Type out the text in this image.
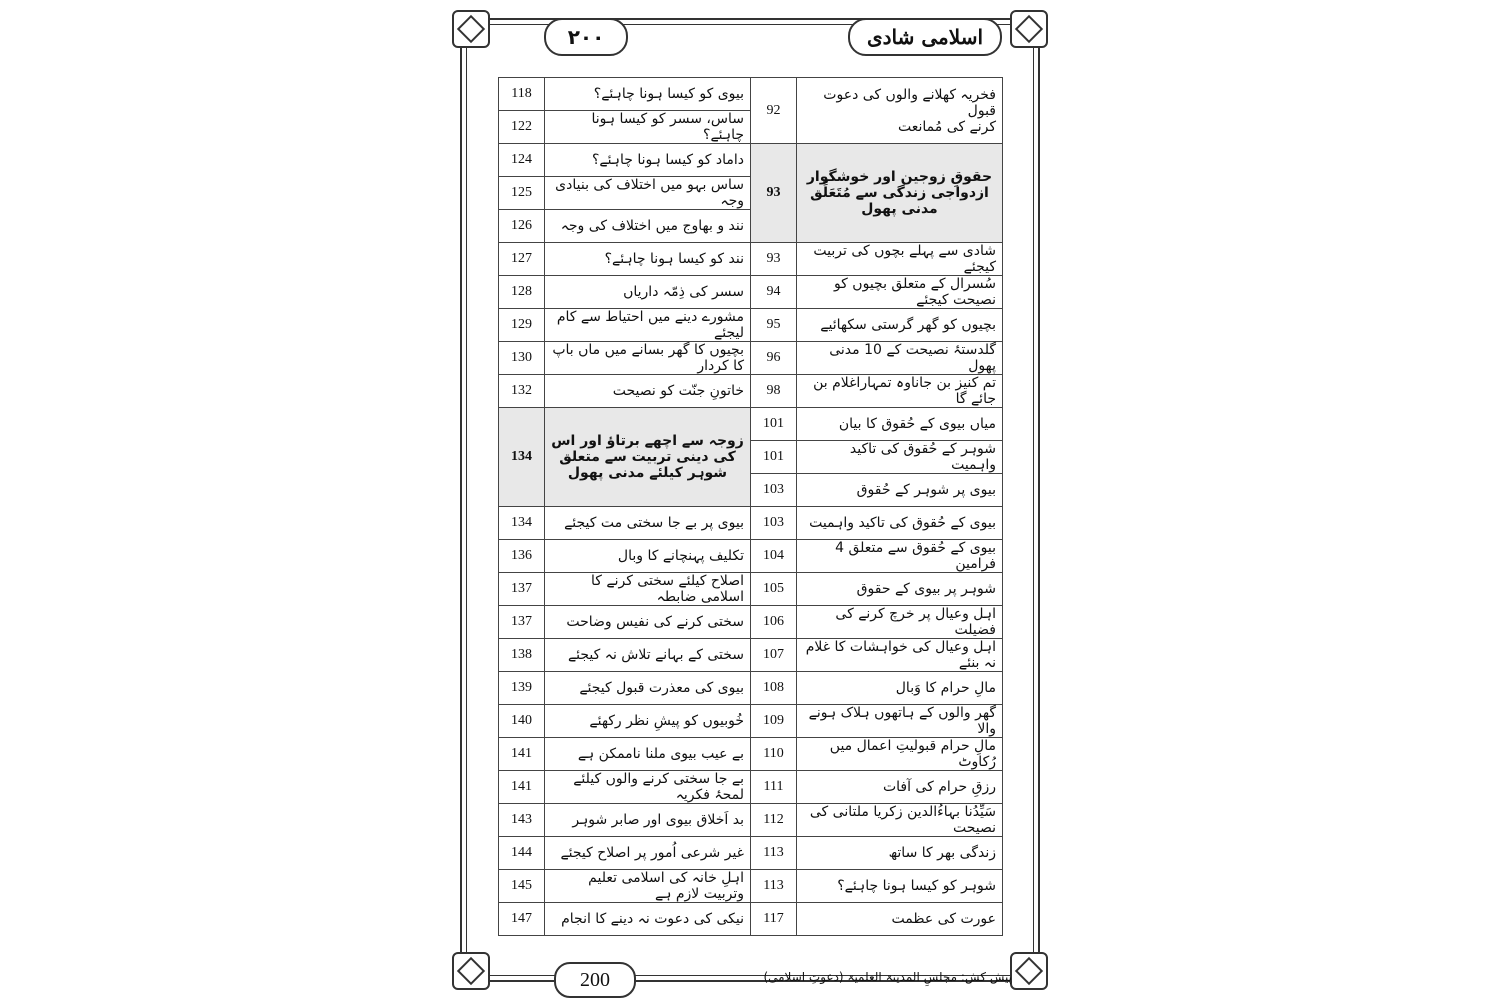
اسلامی شادی
۲۰۰
فخریہ کھلانے والوں کی دعوت قبول
کرنے کی مُمانعت	92	بیوی کو کیسا ہونا چاہئے؟	118
		ساس، سسر کو کیسا ہونا چاہئے؟	122
حقوقِ زوجین اور خوشگوار ازدواجی زندگی سے مُتَعَلِّق مدنی پھول	93	داماد کو کیسا ہونا چاہئے؟	124
		ساس بہو میں اختلاف کی بنیادی وجہ	125
		نند و بھاوج میں اختلاف کی وجہ	126
شادی سے پہلے بچوں کی تربیت کیجئے	93	نند کو کیسا ہونا چاہئے؟	127
سُسرال کے متعلق بچیوں کو نصیحت کیجئے	94	سسر کی ذِمّہ داریاں	128
بچیوں کو گھر گرستی سکھائیے	95	مشورے دینے میں احتیاط سے کام لیجئے	129
گلدستۂ نصیحت کے 10 مدنی پھول	96	بچیوں کا گھر بسانے میں ماں باپ کا کردار	130
تم کنیز بن جاناوہ تمہاراغلام بن جائے گا	98	خاتونِ جنّت کو نصیحت	132
میاں بیوی کے حُقوق کا بیان	101	زوجہ سے اچھے برتاؤ اور اس کی دینی تربیت سے متعلق شوہر کیلئے مدنی پھول	134
شوہر کے حُقوق کی تاکید واہمیت	101		
بیوی پر شوہر کے حُقوق	103		
بیوی کے حُقوق کی تاکید واہمیت	103	بیوی پر بے جا سختی مت کیجئے	134
بیوی کے حُقوق سے متعلق 4 فرامین	104	تکلیف پہنچانے کا وبال	136
شوہر پر بیوی کے حقوق	105	اصلاح کیلئے سختی کرنے کا اسلامی ضابطہ	137
اہل وعیال پر خرچ کرنے کی فضیلت	106	سختی کرنے کی نفیس وضاحت	137
اہل وعیال کی خواہشات کا غلام نہ بنئے	107	سختی کے بہانے تلاش نہ کیجئے	138
مالِ حرام کا وَبال	108	بیوی کی معذرت قبول کیجئے	139
گھر والوں کے ہاتھوں ہلاک ہونے والا	109	خُوبیوں کو پیشِ نظر رکھئے	140
مالِ حرام قبولیتِ اعمال میں رُکاوٹ	110	بے عیب بیوی ملنا ناممکن ہے	141
رزقِ حرام کی آفات	111	بے جا سختی کرنے والوں کیلئے لمحۂ فکریہ	141
سَیِّدُنا بہاءُالدین زکریا ملتانی کی نصیحت	112	بد اَخلاق بیوی اور صابر شوہر	143
زندگی بھر کا ساتھ	113	غیر شرعی اُمور پر اصلاح کیجئے	144
شوہر کو کیسا ہونا چاہئے؟	113	اہلِ خانہ کی اسلامی تعلیم وتربیت لازم ہے	145
عورت کی عظمت	117	نیکی کی دعوت نہ دینے کا انجام	147
200	پیش کش: مجلسِ المدینۃ العلمیۃ (دعوتِ اسلامی)
